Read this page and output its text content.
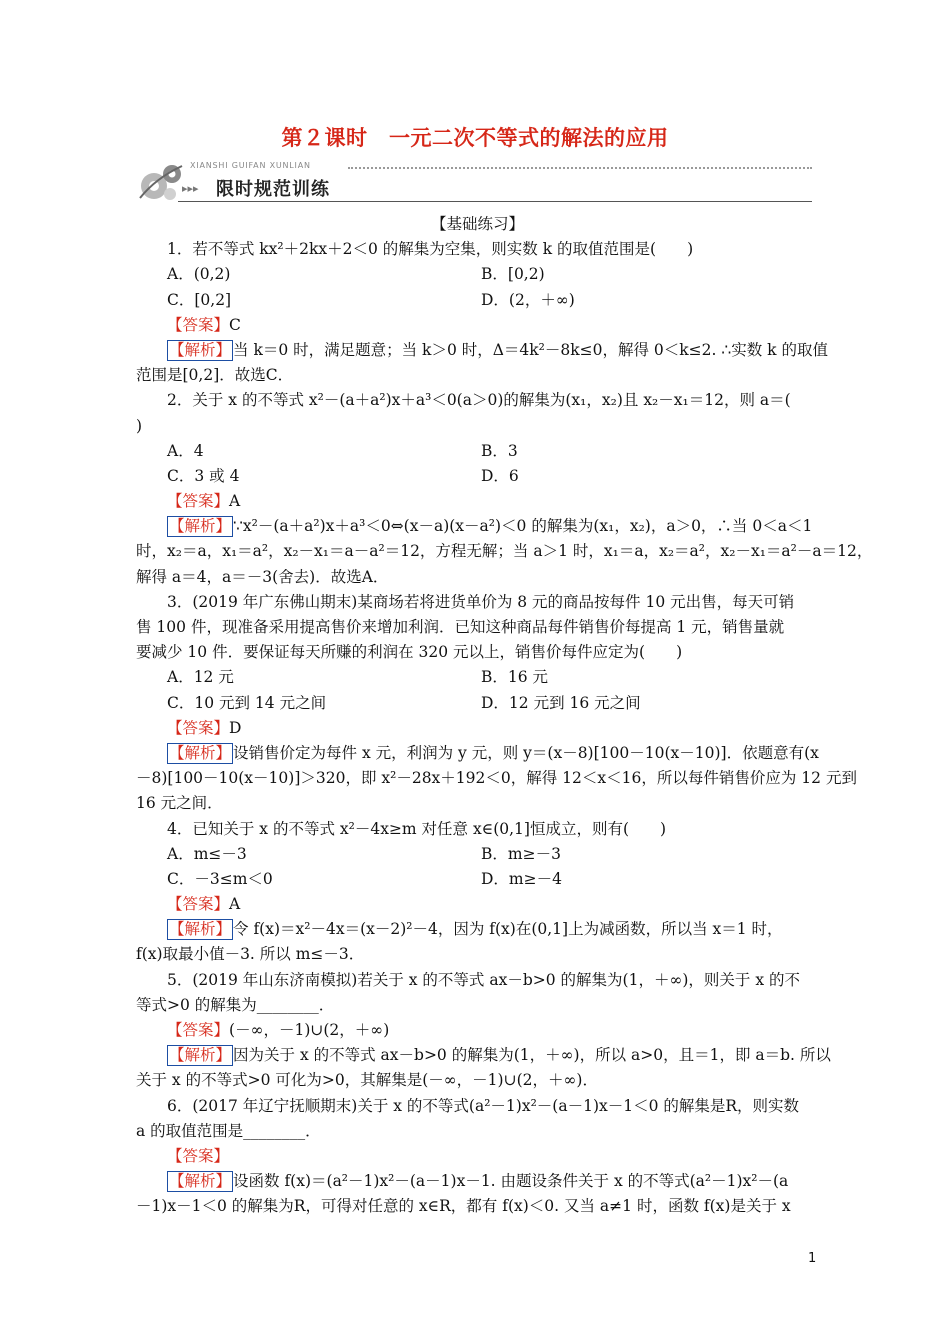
第２课时　一元二次不等式的解法的应用
XIANSHI GUIFAN XUNLIAN
▸▸▸ 限时规范训练
【基础练习】
1．若不等式 kx²＋2kx＋2＜0 的解集为空集，则实数 k 的取值范围是(　　)
A．(0,2)	B．[0,2)
C．[0,2]	D．(2，＋∞)
【答案】C
【解析】 当 k＝0 时，满足题意；当 k＞0 时，Δ＝4k²－8k≤0，解得 0＜k≤2. ∴实数 k 的取值
范围是[0,2]．故选C．
2．关于 x 的不等式 x²－(a＋a²)x＋a³＜0(a＞0)的解集为(x₁，x₂)且 x₂－x₁＝12，则 a＝(
)
A．4	B．3
C．3 或 4	D．6
【答案】A
【解析】 ∵x²－(a＋a²)x＋a³＜0⇔(x－a)(x－a²)＜0 的解集为(x₁，x₂)，a＞0，∴当 0＜a＜1
时，x₂＝a，x₁＝a²，x₂－x₁＝a－a²＝12，方程无解；当 a＞1 时，x₁＝a，x₂＝a²，x₂－x₁＝a²－a＝12，
解得 a＝4，a＝－3(舍去)．故选A．
3．(2019 年广东佛山期末)某商场若将进货单价为 8 元的商品按每件 10 元出售，每天可销
售 100 件，现准备采用提高售价来增加利润．已知这种商品每件销售价每提高 1 元，销售量就
要减少 10 件．要保证每天所赚的利润在 320 元以上，销售价每件应定为(　　)
A．12 元	B．16 元
C．10 元到 14 元之间	D．12 元到 16 元之间
【答案】D
【解析】 设销售价定为每件 x 元，利润为 y 元，则 y＝(x－8)[100－10(x－10)]．依题意有(x
－8)[100－10(x－10)]＞320，即 x²－28x＋192＜0，解得 12＜x＜16，所以每件销售价应为 12 元到
16 元之间．
4．已知关于 x 的不等式 x²－4x≥m 对任意 x∈(0,1]恒成立，则有(　　)
A．m≤－3	B．m≥－3
C．－3≤m＜0	D．m≥－4
【答案】A
【解析】 令 f(x)＝x²－4x＝(x－2)²－4，因为 f(x)在(0,1]上为减函数，所以当 x＝1 时，
f(x)取最小值－3. 所以 m≤－3．
5．(2019 年山东济南模拟)若关于 x 的不等式 ax－b>0 的解集为(1，＋∞)，则关于 x 的不
等式>0 的解集为________．
【答案】(－∞，－1)∪(2，＋∞)
【解析】 因为关于 x 的不等式 ax－b>0 的解集为(1，＋∞)，所以 a>0，且＝1，即 a＝b. 所以
关于 x 的不等式>0 可化为>0，其解集是(－∞，－1)∪(2，＋∞)．
6．(2017 年辽宁抚顺期末)关于 x 的不等式(a²－1)x²－(a－1)x－1＜0 的解集是R，则实数
a 的取值范围是________．
【答案】
【解析】 设函数 f(x)＝(a²－1)x²－(a－1)x－1. 由题设条件关于 x 的不等式(a²－1)x²－(a
－1)x－1＜0 的解集为R，可得对任意的 x∈R，都有 f(x)＜0. 又当 a≠1 时，函数 f(x)是关于 x
1
